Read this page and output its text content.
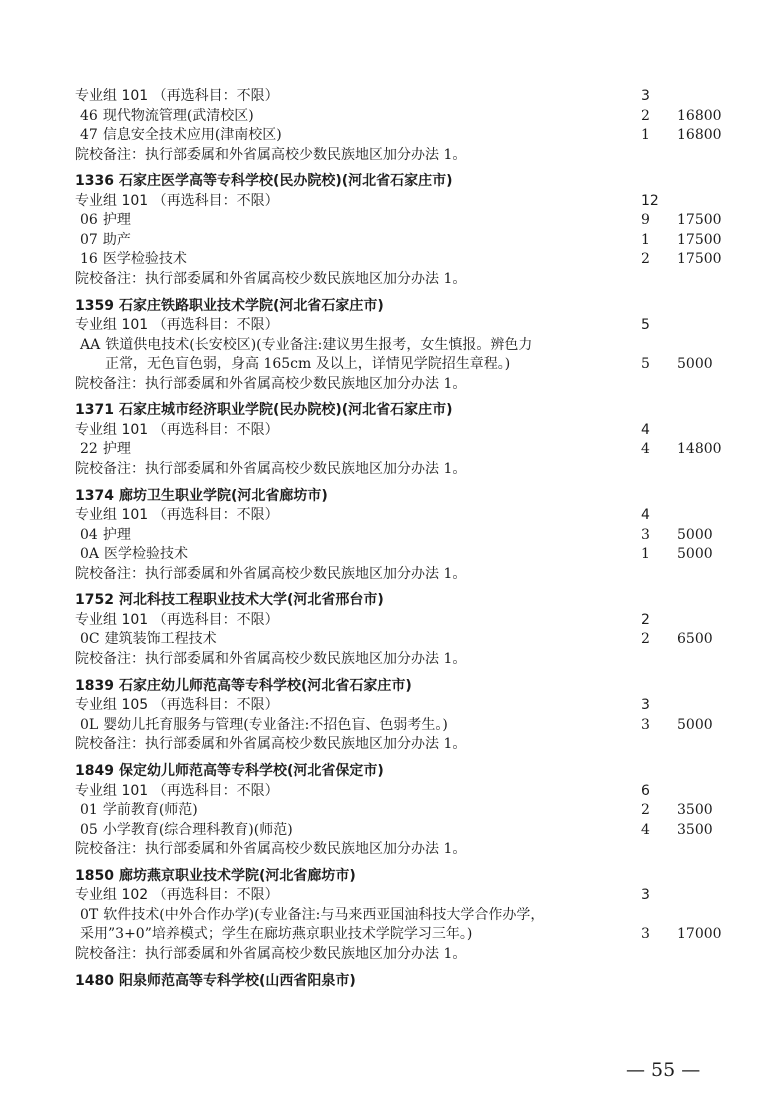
专业组 101 （再选科目：不限）	3
46 现代物流管理(武清校区)	2 16800
47 信息安全技术应用(津南校区)	1 16800
院校备注：执行部委属和外省属高校少数民族地区加分办法 1。
1336 石家庄医学高等专科学校(民办院校)(河北省石家庄市)
专业组 101 （再选科目：不限）	12
06 护理	9 17500
07 助产	1 17500
16 医学检验技术	2 17500
院校备注：执行部委属和外省属高校少数民族地区加分办法 1。
1359 石家庄铁路职业技术学院(河北省石家庄市)
专业组 101 （再选科目：不限）	5
AA 铁道供电技术(长安校区)(专业备注:建议男生报考，女生慎报。辨色力
正常，无色盲色弱，身高 165cm 及以上，详情见学院招生章程。)	5 5000
院校备注：执行部委属和外省属高校少数民族地区加分办法 1。
1371 石家庄城市经济职业学院(民办院校)(河北省石家庄市)
专业组 101 （再选科目：不限）	4
22 护理	4 14800
院校备注：执行部委属和外省属高校少数民族地区加分办法 1。
1374 廊坊卫生职业学院(河北省廊坊市)
专业组 101 （再选科目：不限）	4
04 护理	3 5000
0A 医学检验技术	1 5000
院校备注：执行部委属和外省属高校少数民族地区加分办法 1。
1752 河北科技工程职业技术大学(河北省邢台市)
专业组 101 （再选科目：不限）	2
0C 建筑装饰工程技术	2 6500
院校备注：执行部委属和外省属高校少数民族地区加分办法 1。
1839 石家庄幼儿师范高等专科学校(河北省石家庄市)
专业组 105 （再选科目：不限）	3
0L 婴幼儿托育服务与管理(专业备注:不招色盲、色弱考生。)	3 5000
院校备注：执行部委属和外省属高校少数民族地区加分办法 1。
1849 保定幼儿师范高等专科学校(河北省保定市)
专业组 101 （再选科目：不限）	6
01 学前教育(师范)	2 3500
05 小学教育(综合理科教育)(师范)	4 3500
院校备注：执行部委属和外省属高校少数民族地区加分办法 1。
1850 廊坊燕京职业技术学院(河北省廊坊市)
专业组 102 （再选科目：不限）	3
0T 软件技术(中外合作办学)(专业备注:与马来西亚国油科技大学合作办学，
采用”3+0”培养模式；学生在廊坊燕京职业技术学院学习三年。)	3 17000
院校备注：执行部委属和外省属高校少数民族地区加分办法 1。
1480 阳泉师范高等专科学校(山西省阳泉市)
— 55 —
